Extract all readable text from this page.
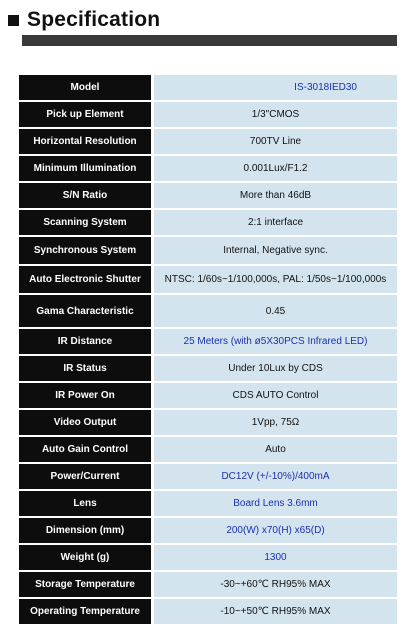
Specification
Model	IS-3018IED30
Pick up Element	1/3"CMOS
Horizontal Resolution	700TV Line
Minimum Illumination	0.001Lux/F1.2
S/N Ratio	More than 46dB
Scanning System	2:1 interface
Synchronous System	Internal, Negative sync.
Auto Electronic Shutter	NTSC: 1/60s~1/100,000s, PAL: 1/50s~1/100,000s
Gama Characteristic	0.45
IR Distance	25 Meters (with ø5X30PCS Infrared LED)
IR Status	Under 10Lux by CDS
IR Power On	CDS AUTO Control
Video Output	1Vpp, 75Ω
Auto Gain Control	Auto
Power/Current	DC12V (+/-10%)/400mA
Lens	Board Lens 3.6mm
Dimension (mm)	200(W) x70(H) x65(D)
Weight (g)	1300
Storage Temperature	-30~+60℃ RH95% MAX
Operating Temperature	-10~+50℃ RH95% MAX
